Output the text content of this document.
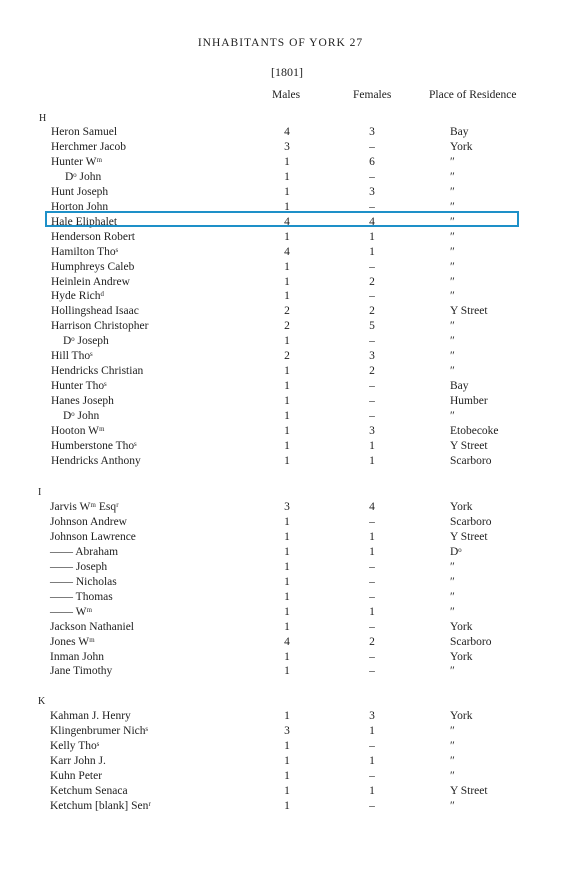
INHABITANTS OF YORK 27
[1801]
Males	Females	Place of Residence
H
Heron Samuel	4	3	Bay
Herchmer Jacob	3	–	York
Hunter Wᵐ	1	6	″
Dᵒ John	1	–	″
Hunt Joseph	1	3	″
Horton John	1	–	″
Hale Eliphalet	4	4	″
Henderson Robert	1	1	″
Hamilton Thoˢ	4	1	″
Humphreys Caleb	1	–	″
Heinlein Andrew	1	2	″
Hyde Richᵈ	1	–	″
Hollingshead Isaac	2	2	Y Street
Harrison Christopher	2	5	″
Dᵒ Joseph	1	–	″
Hill Thoˢ	2	3	″
Hendricks Christian	1	2	″
Hunter Thoˢ	1	–	Bay
Hanes Joseph	1	–	Humber
Dᵒ John	1	–	″
Hooton Wᵐ	1	3	Etobecoke
Humberstone Thoˢ	1	1	Y Street
Hendricks Anthony	1	1	Scarboro
I
Jarvis Wᵐ Esqʳ	3	4	York
Johnson Andrew	1	–	Scarboro
Johnson Lawrence	1	1	Y Street
—— Abraham	1	1	Dᵒ
—— Joseph	1	–	″
—— Nicholas	1	–	″
—— Thomas	1	–	″
—— Wᵐ	1	1	″
Jackson Nathaniel	1	–	York
Jones Wᵐ	4	2	Scarboro
Inman John	1	–	York
Jane Timothy	1	–	″
K
Kahman J. Henry	1	3	York
Klingenbrumer Nichˢ	3	1	″
Kelly Thoˢ	1	–	″
Karr John J.	1	1	″
Kuhn Peter	1	–	″
Ketchum Senaca	1	1	Y Street
Ketchum [blank] Senʳ	1	–	″
